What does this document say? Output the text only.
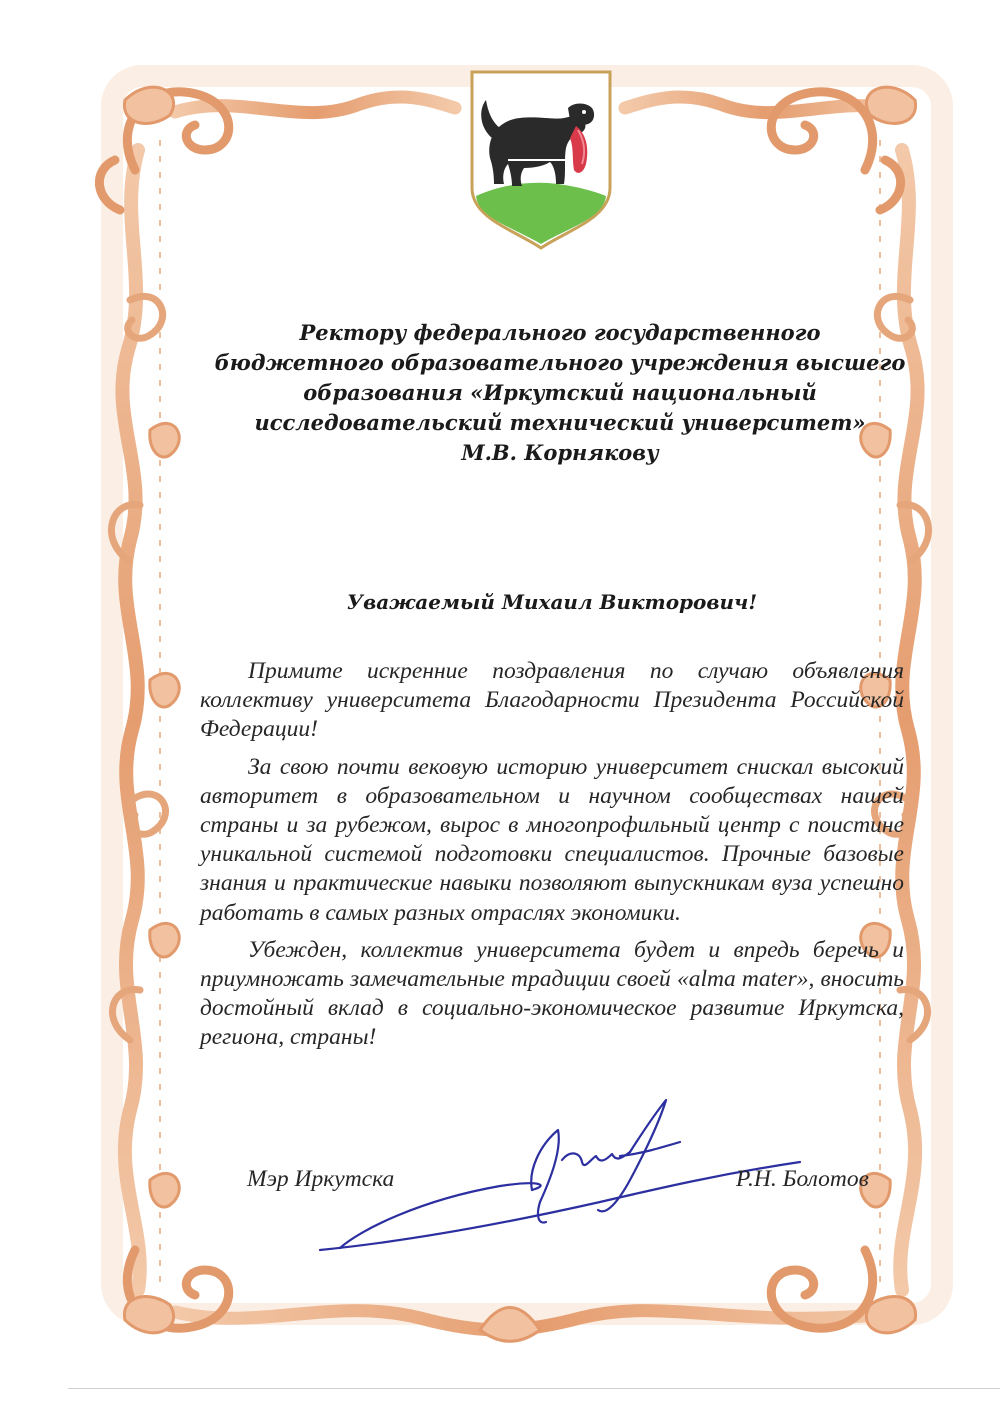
Ректору федерального государственного
бюджетного образовательного учреждения высшего
образования «Иркутский национальный
исследовательский технический университет»
М.В. Корнякову
Уважаемый Михаил Викторович!

Примите искренние поздравления по случаю объявления коллективу университета Благодарности Президента Российской Федерации!

За свою почти вековую историю университет снискал высокий авторитет в образовательном и научном сообществах нашей страны и за рубежом, вырос в многопрофильный центр с поистине уникальной системой подготовки специалистов. Прочные базовые знания и практические навыки позволяют выпускникам вуза успешно работать в самых разных отраслях экономики.

Убежден, коллектив университета будет и впредь беречь и приумножать замечательные традиции своей «alma mater», вносить достойный вклад в социально-экономическое развитие Иркутска, региона, страны!

Мэр Иркутска	Р.Н. Болотов
